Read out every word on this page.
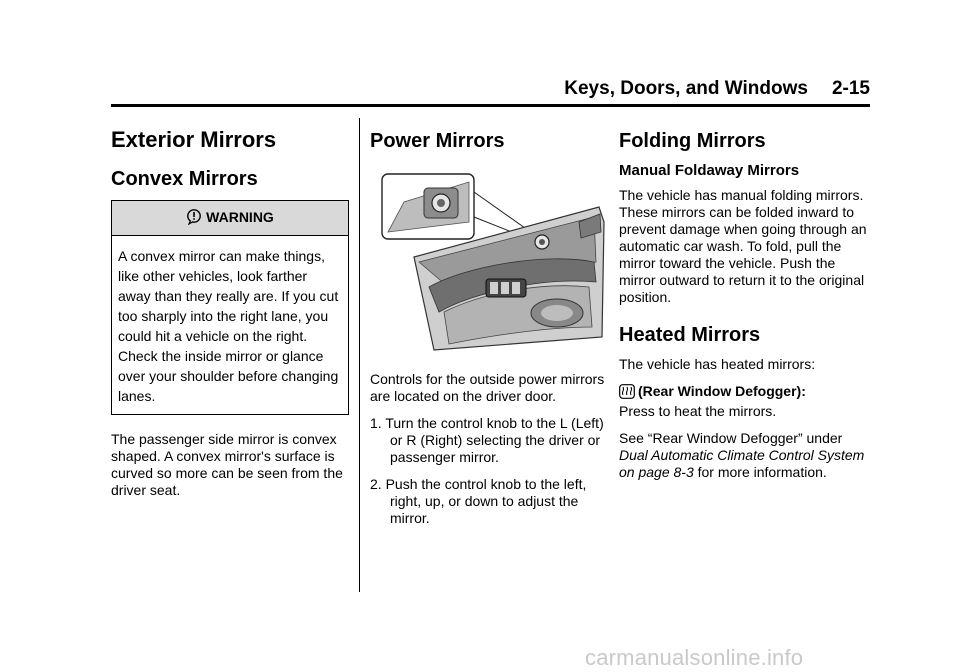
Keys, Doors, and Windows 2-15
Exterior Mirrors
Convex Mirrors
WARNING
A convex mirror can make things, like other vehicles, look farther away than they really are. If you cut too sharply into the right lane, you could hit a vehicle on the right. Check the inside mirror or glance over your shoulder before changing lanes.

The passenger side mirror is convex shaped. A convex mirror's surface is curved so more can be seen from the driver seat.

Power Mirrors

Controls for the outside power mirrors are located on the driver door.

1. Turn the control knob to the L (Left) or R (Right) selecting the driver or passenger mirror.
2. Push the control knob to the left, right, up, or down to adjust the mirror.
Folding Mirrors
Manual Foldaway Mirrors

The vehicle has manual folding mirrors. These mirrors can be folded inward to prevent damage when going through an automatic car wash. To fold, pull the mirror toward the vehicle. Push the mirror outward to return it to the original position.

Heated Mirrors

The vehicle has heated mirrors:

(Rear Window Defogger):
Press to heat the mirrors.

See “Rear Window Defogger” under Dual Automatic Climate Control System on page 8-3 for more information.

carmanualsonline.info
